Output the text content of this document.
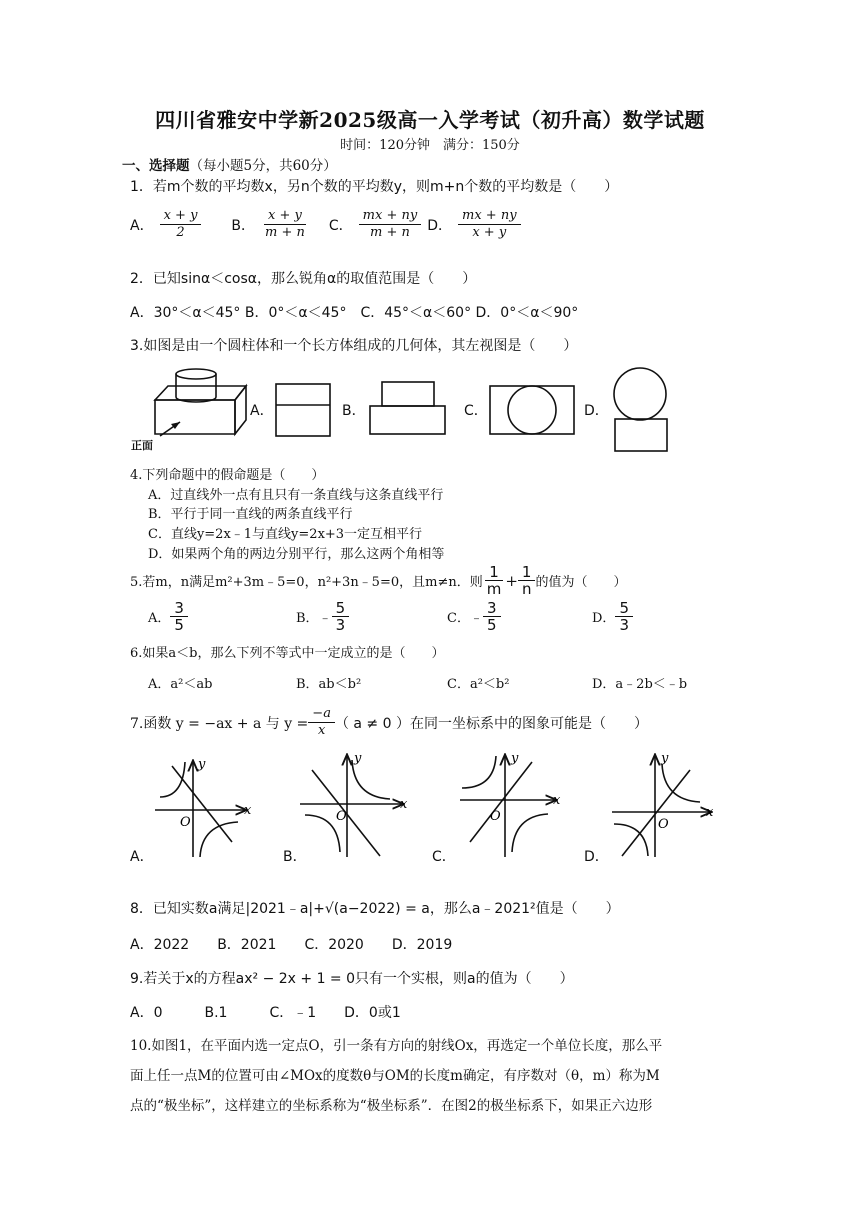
四川省雅安中学新2025级高一入学考试（初升高）数学试题
时间：120分钟　满分：150分
一、选择题（每小题5分，共60分）
1．若m个数的平均数x，另n个数的平均数y，则m+n个数的平均数是（　　）
A． $\frac{x + y}{2}$ B． $\frac{x + y}{m + n}$ C． $\frac{mx + ny}{m + n}$ D． $\frac{mx + ny}{x + y}$
2．已知sinα＜cosα，那么锐角α的取值范围是（　　）
A．30°＜α＜45° B．0°＜α＜45°　C．45°＜α＜60° D．0°＜α＜90°
3.如图是由一个圆柱体和一个长方体组成的几何体，其左视图是（　　）
A．	B．	C．	D．
正面
4.下列命题中的假命题是（　　）
A．过直线外一点有且只有一条直线与这条直线平行
B．平行于同一直线的两条直线平行
C．直线y=2x﹣1与直线y=2x+3一定互相平行
D．如果两个角的两边分别平行，那么这两个角相等
5.若m，n满足m²+3m﹣5=0，n²+3n﹣5=0，且m≠n．则 $\frac{1}{m} + \frac{1}{n}$ 的值为（　　）
A． $\frac{3}{5}$	B． ﹣ $\frac{5}{3}$	C． ﹣ $\frac{3}{5}$	D． $\frac{5}{3}$
6.如果a＜b，那么下列不等式中一定成立的是（　　）
A．a²＜ab	B．ab＜b²	C．a²＜b²	D．a﹣2b＜﹣b
7.函数 y = −ax + a 与 $y = \frac{-a}{x}$ （ a ≠ 0 ）在同一坐标系中的图象可能是（　　）
x
y
O
x
y
O
x
y
O	x
y
O
A．	B．	C．	D．
8．已知实数a满足|2021﹣a|+√(a−2022) = a，那么a﹣2021²值是（　　）
A．2022　　B．2021　　C．2020　　D．2019
9.若关于x的方程ax² − 2x + 1 = 0只有一个实根，则a的值为（　　）
A．0　　　B.1　　　C．﹣1　　D．0或1
10.如图1，在平面内选一定点O，引一条有方向的射线Ox，再选定一个单位长度，那么平
面上任一点M的位置可由∠MOx的度数θ与OM的长度m确定，有序数对（θ，m）称为M
点的“极坐标”，这样建立的坐标系称为“极坐标系”．在图2的极坐标系下，如果正六边形
